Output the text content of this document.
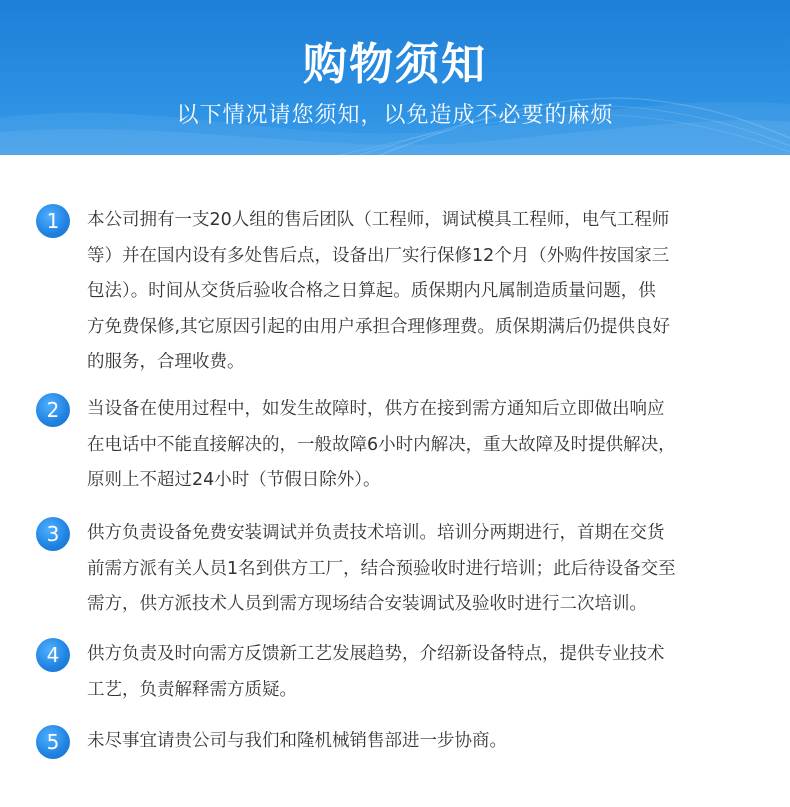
购物须知
以下情况请您须知，以免造成不必要的麻烦
1	本公司拥有一支20人组的售后团队（工程师，调试模具工程师，电气工程师
等）并在国内设有多处售后点，设备出厂实行保修12个月（外购件按国家三
包法）。时间从交货后验收合格之日算起。质保期内凡属制造质量问题，供
方免费保修,其它原因引起的由用户承担合理修理费。质保期满后仍提供良好
的服务，合理收费。
2	当设备在使用过程中，如发生故障时，供方在接到需方通知后立即做出响应
在电话中不能直接解决的，一般故障6小时内解决，重大故障及时提供解决，
原则上不超过24小时（节假日除外）。
3	供方负责设备免费安装调试并负责技术培训。培训分两期进行，首期在交货
前需方派有关人员1名到供方工厂，结合预验收时进行培训；此后待设备交至
需方，供方派技术人员到需方现场结合安装调试及验收时进行二次培训。
4	供方负责及时向需方反馈新工艺发展趋势，介绍新设备特点，提供专业技术
工艺，负责解释需方质疑。
5	未尽事宜请贵公司与我们和隆机械销售部进一步协商。
